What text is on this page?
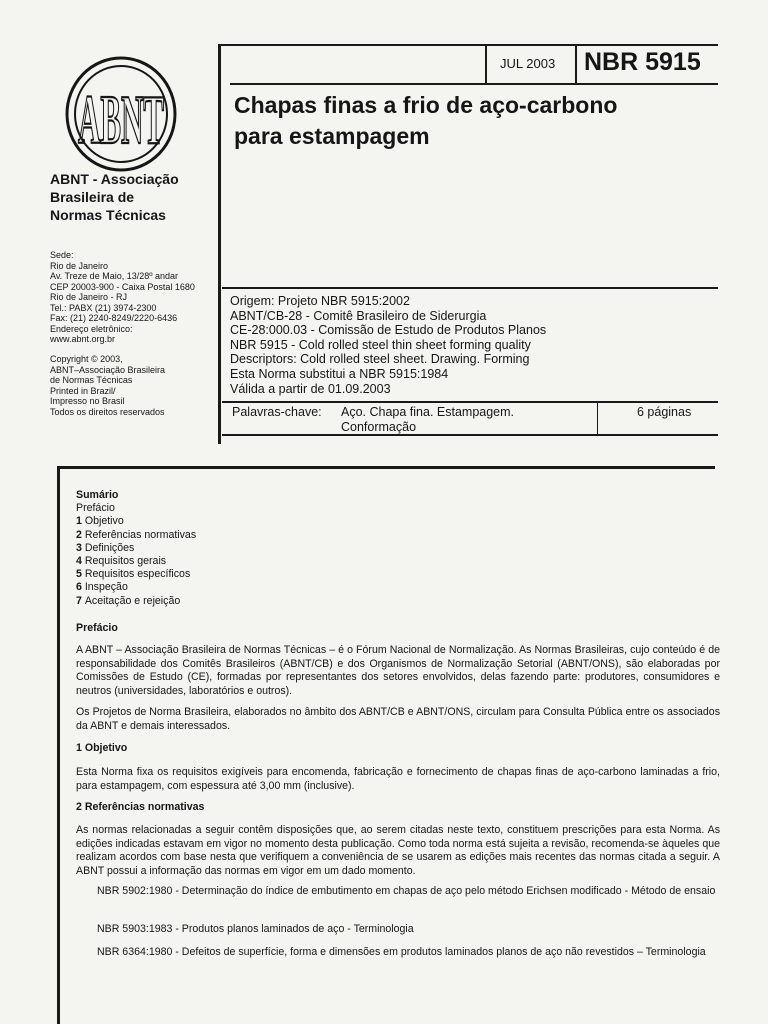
JUL 2003 NBR 5915
Chapas finas a frio de aço-carbono
para estampagem
ABNT
ABNT - Associação
Brasileira de
Normas Técnicas
Sede:
Rio de Janeiro
Av. Treze de Maio, 13/28º andar
CEP 20003-900 - Caixa Postal 1680
Rio de Janeiro - RJ
Tel.: PABX (21) 3974-2300
Fax: (21) 2240-8249/2220-6436
Endereço eletrônico:
www.abnt.org.br
Copyright © 2003,
ABNT–Associação Brasileira
de Normas Técnicas
Printed in Brazil/
Impresso no Brasil
Todos os direitos reservados
Origem: Projeto NBR 5915:2002
ABNT/CB-28 - Comitê Brasileiro de Siderurgia
CE-28:000.03 - Comissão de Estudo de Produtos Planos
NBR 5915 - Cold rolled steel thin sheet forming quality
Descriptors: Cold rolled steel sheet. Drawing. Forming
Esta Norma substitui a NBR 5915:1984
Válida a partir de 01.09.2003
Palavras-chave: Aço. Chapa fina. Estampagem.
Conformação
6 páginas
Sumário
Prefácio
1 Objetivo
2 Referências normativas
3 Definições
4 Requisitos gerais
5 Requisitos específicos
6 Inspeção
7 Aceitação e rejeição
Prefácio
A ABNT – Associação Brasileira de Normas Técnicas – é o Fórum Nacional de Normalização. As Normas Brasileiras, cujo conteúdo é de responsabilidade dos Comitês Brasileiros (ABNT/CB) e dos Organismos de Normalização Setorial (ABNT/ONS), são elaboradas por Comissões de Estudo (CE), formadas por representantes dos setores envolvidos, delas fazendo parte: produtores, consumidores e neutros (universidades, laboratórios e outros).
Os Projetos de Norma Brasileira, elaborados no âmbito dos ABNT/CB e ABNT/ONS, circulam para Consulta Pública entre os associados da ABNT e demais interessados.
1 Objetivo
Esta Norma fixa os requisitos exigíveis para encomenda, fabricação e fornecimento de chapas finas de aço-carbono laminadas a frio, para estampagem, com espessura até 3,00 mm (inclusive).
2 Referências normativas
As normas relacionadas a seguir contêm disposições que, ao serem citadas neste texto, constituem prescrições para esta Norma. As edições indicadas estavam em vigor no momento desta publicação. Como toda norma está sujeita a revisão, recomenda-se àqueles que realizam acordos com base nesta que verifiquem a conveniência de se usarem as edições mais recentes das normas citada a seguir. A ABNT possui a informação das normas em vigor em um dado momento.
NBR 5902:1980 - Determinação do índice de embutimento em chapas de aço pelo método Erichsen modificado - Método de ensaio
NBR 5903:1983 - Produtos planos laminados de aço - Terminologia
NBR 6364:1980 - Defeitos de superfície, forma e dimensões em produtos laminados planos de aço não revestidos – Terminologia
